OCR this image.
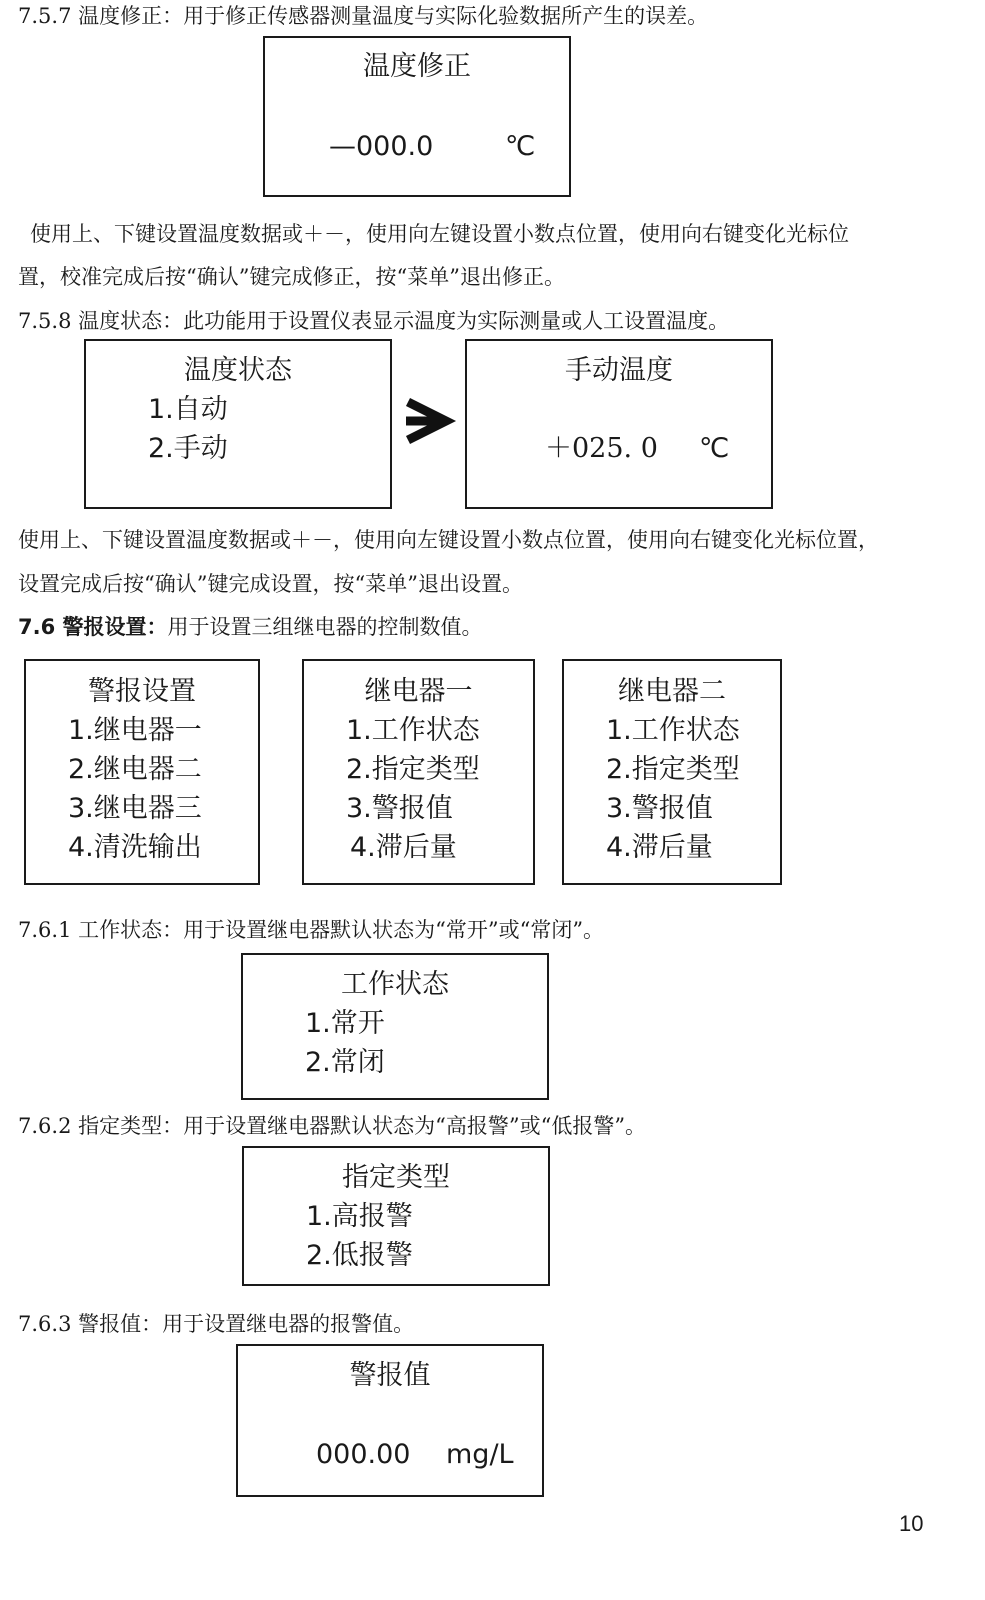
7.5.7 温度修正：用于修正传感器测量温度与实际化验数据所产生的误差。
温度修正
—000.0	℃
使用上、下键设置温度数据或＋－，使用向左键设置小数点位置，使用向右键变化光标位
置，校准完成后按“确认”键完成修正，按“菜单”退出修正。
7.5.8 温度状态：此功能用于设置仪表显示温度为实际测量或人工设置温度。
温度状态
1.自动
2.手动
手动温度
＋025. 0 ℃
使用上、下键设置温度数据或＋－，使用向左键设置小数点位置，使用向右键变化光标位置，
设置完成后按“确认”键完成设置，按“菜单”退出设置。
7.6 警报设置：用于设置三组继电器的控制数值。
警报设置
1.继电器一
2.继电器二
3.继电器三
4.清洗输出
继电器一
1.工作状态
2.指定类型
3.警报值
4.滞后量
继电器二
1.工作状态
2.指定类型
3.警报值
4.滞后量
7.6.1 工作状态：用于设置继电器默认状态为“常开”或“常闭”。
工作状态
1.常开
2.常闭
7.6.2 指定类型：用于设置继电器默认状态为“高报警”或“低报警”。
指定类型
1.高报警
2.低报警
7.6.3 警报值：用于设置继电器的报警值。
警报值
000.00 mg/L
10
